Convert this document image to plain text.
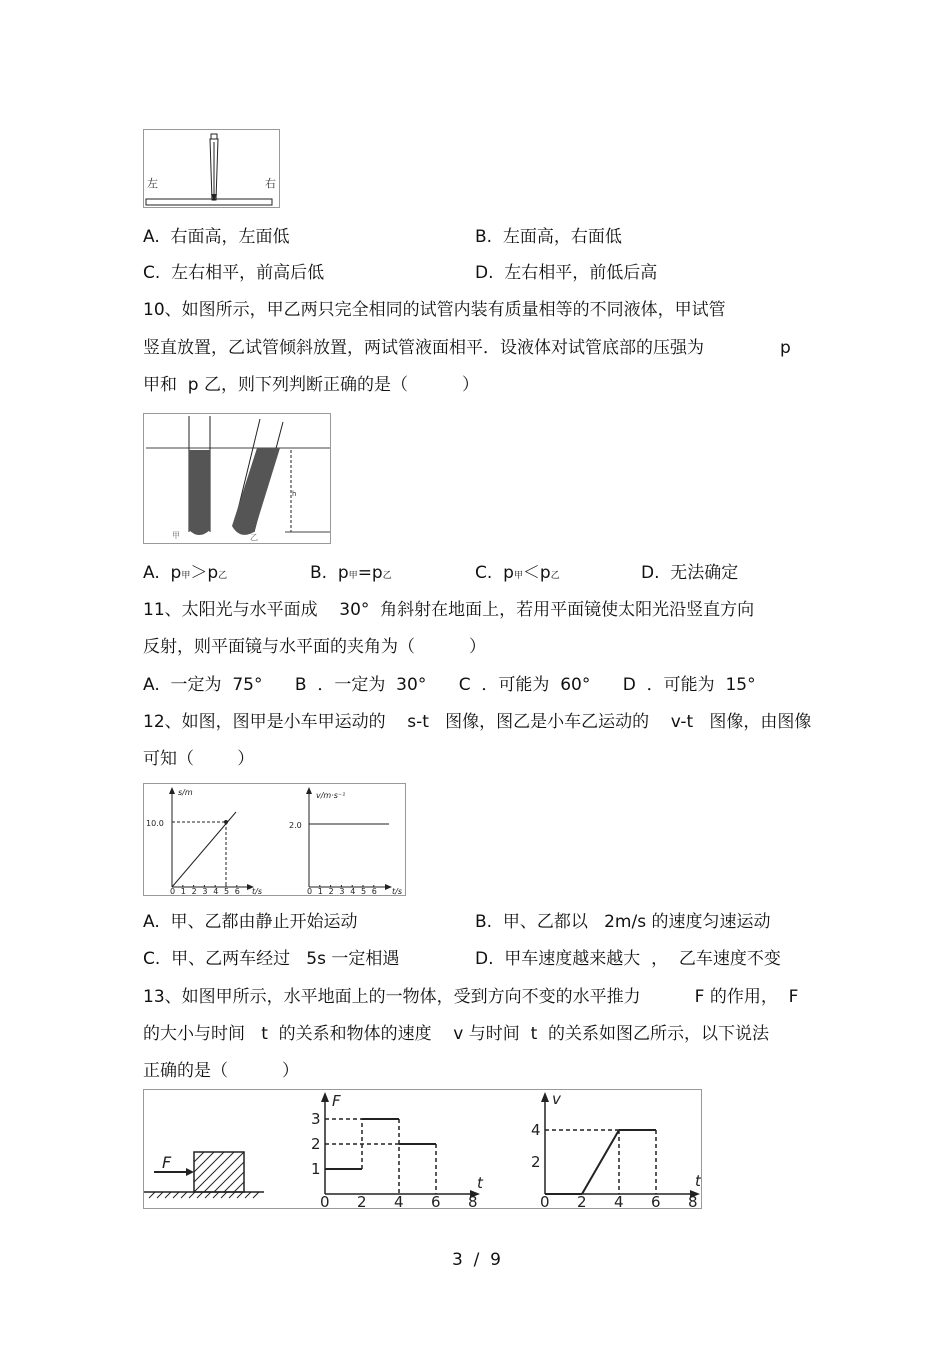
左	右
A.  右面高，左面低	B.  左面高，右面低
C.  左右相平，前高后低	D.  左右相平，前低后高
10、如图所示，甲乙两只完全相同的试管内装有质量相等的不同液体，甲试管
竖直放置，乙试管倾斜放置，两试管液面相平．设液体对试管底部的压强为	p
甲和  p 乙，则下列判断正确的是（          ）
h
甲	乙
A.  p甲＞p乙	B.  p甲=p乙	C.  p甲＜p乙	D.  无法确定
11、太阳光与水平面成    30°  角斜射在地面上，若用平面镜使太阳光沿竖直方向
反射，则平面镜与水平面的夹角为（          ）
A.  一定为  75°      B  ．一定为  30°      C  ．可能为  60°      D  ．可能为  15°
12、如图，图甲是小车甲运动的    s-t   图像，图乙是小车乙运动的    v-t   图像，由图像
可知（        ）
s/m
10.0
0 1 2 3 4 5 6 t/s
v/m·s⁻¹
2.0
0 1 2 3 4 5 6 t/s
A.  甲、乙都由静止开始运动	B.  甲、乙都以   2m/s 的速度匀速运动
C.  甲、乙两车经过   5s 一定相遇	D.  甲车速度越来越大  ，  乙车速度不变
13、如图甲所示，水平地面上的一物体，受到方向不变的水平推力          F 的作用，  F
的大小与时间   t  的关系和物体的速度    v 与时间  t  的关系如图乙所示，以下说法
正确的是（          ）
F
F
t
3
2
1
0 2 4 6 8
v
t
4
2
0 2 4 6 8
3  /  9
